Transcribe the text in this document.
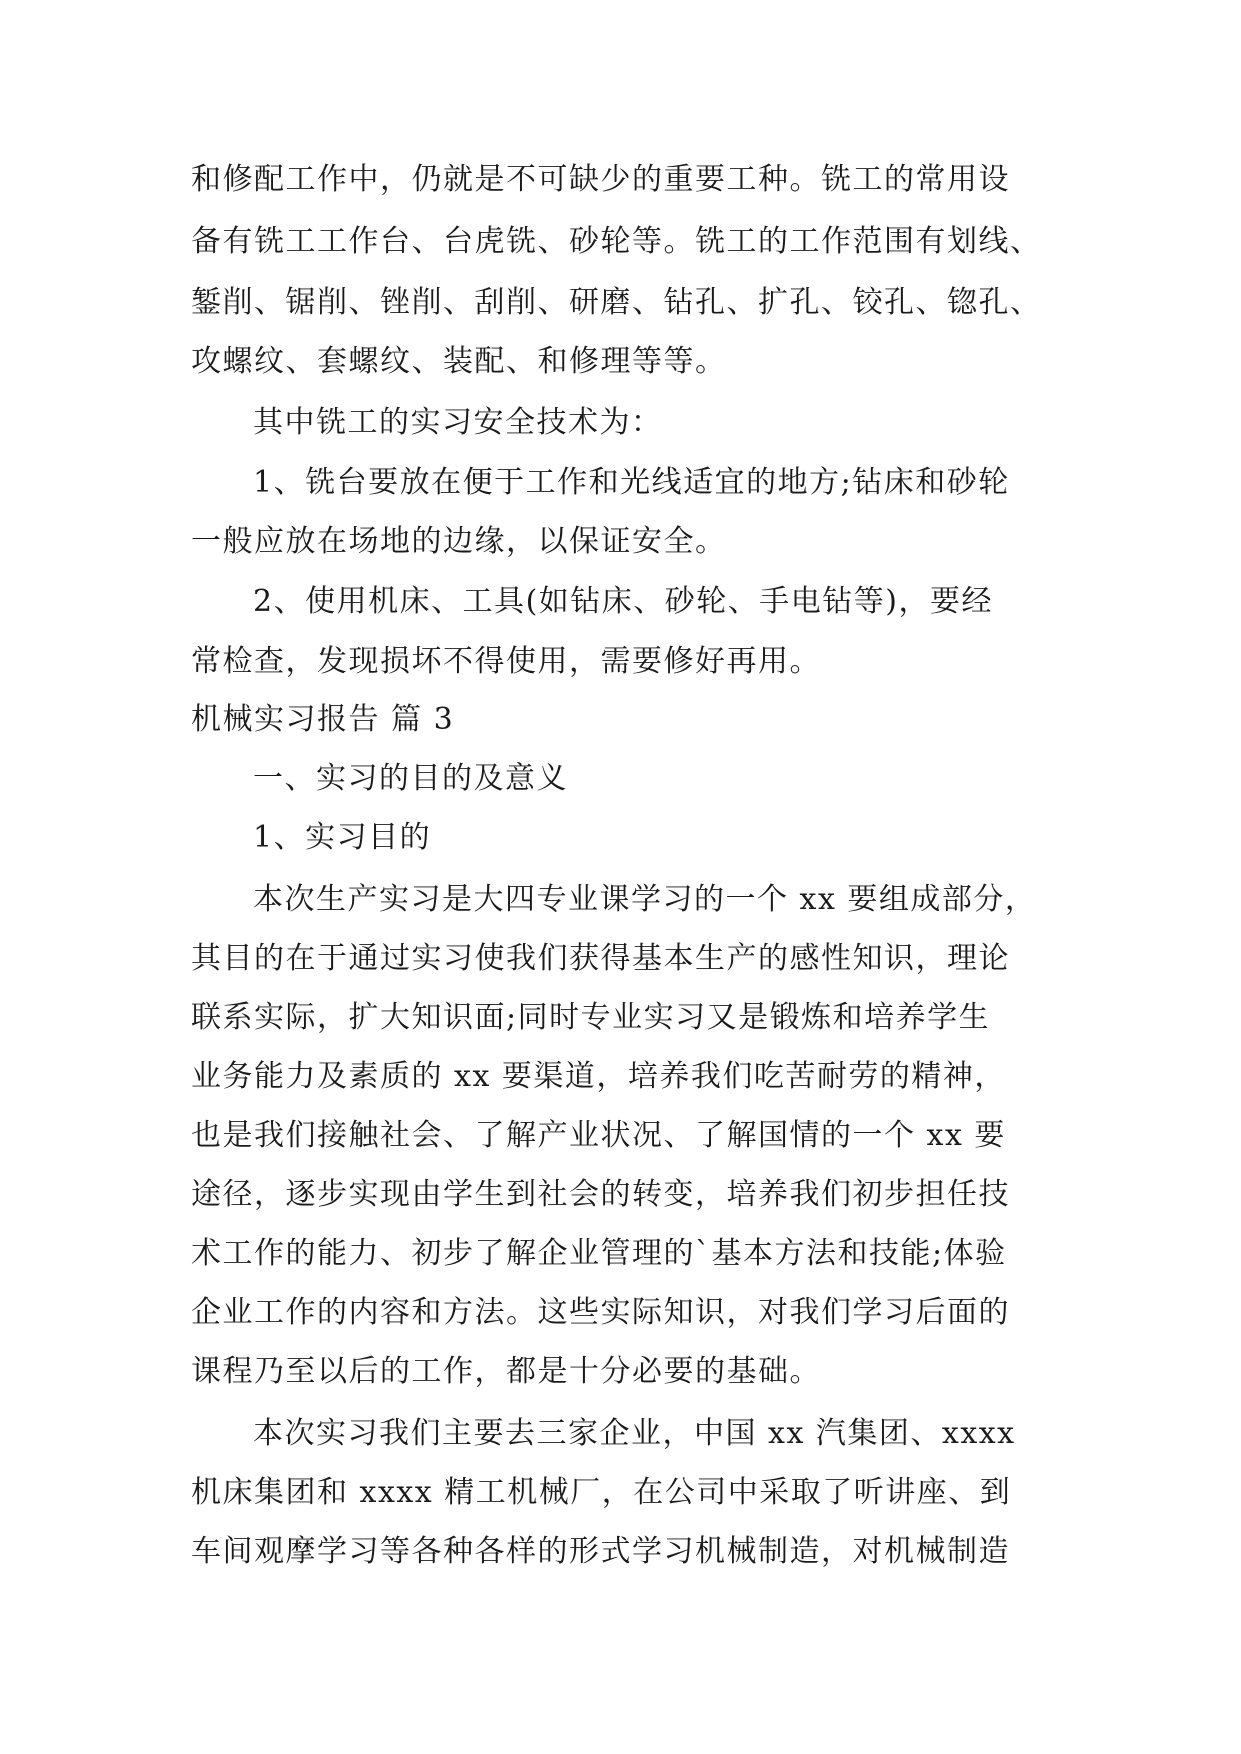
和修配工作中，仍就是不可缺少的重要工种。铣工的常用设
备有铣工工作台、台虎铣、砂轮等。铣工的工作范围有划线、
錾削、锯削、锉削、刮削、研磨、钻孔、扩孔、铰孔、锪孔、
攻螺纹、套螺纹、装配、和修理等等。
其中铣工的实习安全技术为：
1、铣台要放在便于工作和光线适宜的地方;钻床和砂轮
一般应放在场地的边缘，以保证安全。
2、使用机床、工具(如钻床、砂轮、手电钻等)，要经
常检查，发现损坏不得使用，需要修好再用。
机械实习报告 篇 3
一、实习的目的及意义
1、实习目的
本次生产实习是大四专业课学习的一个 xx 要组成部分，
其目的在于通过实习使我们获得基本生产的感性知识，理论
联系实际，扩大知识面;同时专业实习又是锻炼和培养学生
业务能力及素质的 xx 要渠道，培养我们吃苦耐劳的精神，
也是我们接触社会、了解产业状况、了解国情的一个 xx 要
途径，逐步实现由学生到社会的转变，培养我们初步担任技
术工作的能力、初步了解企业管理的`基本方法和技能;体验
企业工作的内容和方法。这些实际知识，对我们学习后面的
课程乃至以后的工作，都是十分必要的基础。
本次实习我们主要去三家企业，中国 xx 汽集团、xxxx
机床集团和 xxxx 精工机械厂，在公司中采取了听讲座、到
车间观摩学习等各种各样的形式学习机械制造，对机械制造
